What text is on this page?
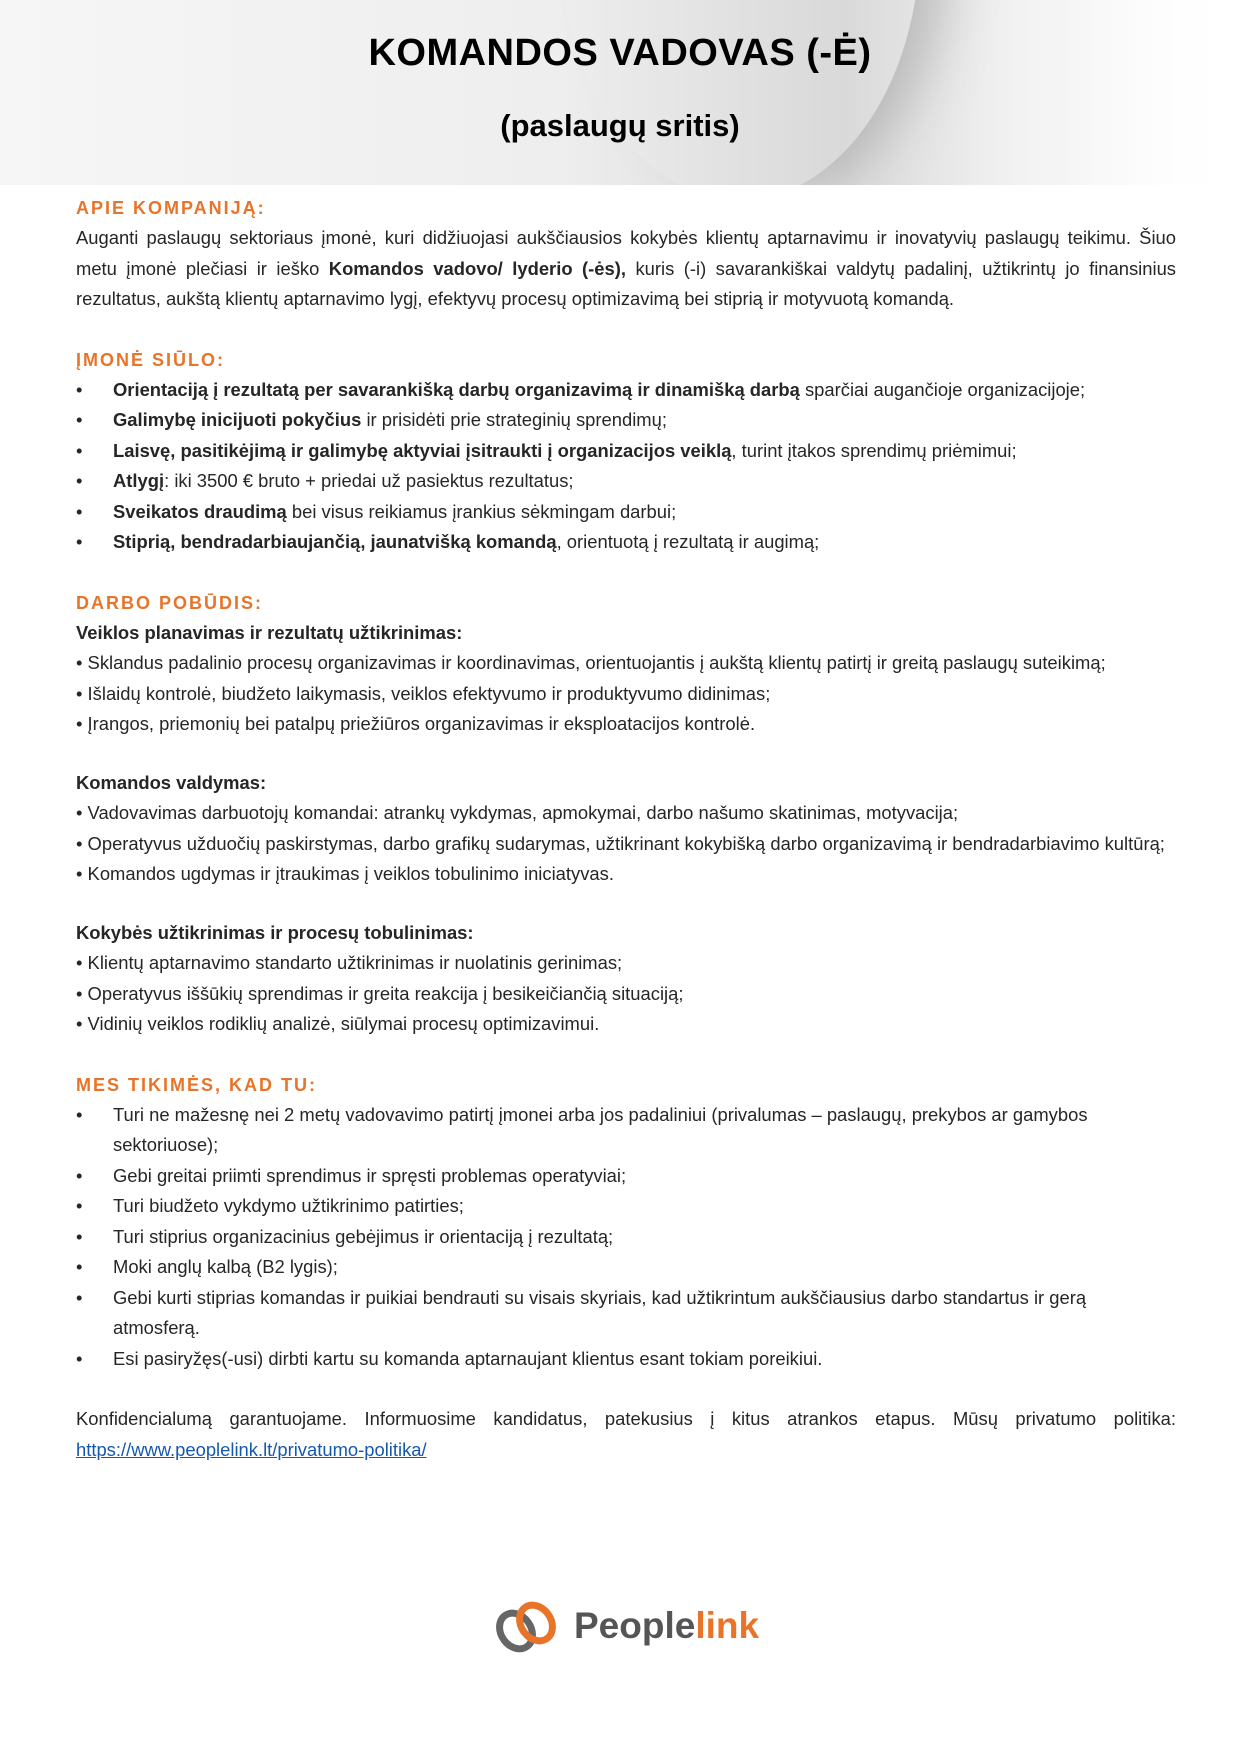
KOMANDOS VADOVAS (-Ė)
(paslaugų sritis)
APIE KOMPANIJĄ:

Auganti paslaugų sektoriaus įmonė, kuri didžiuojasi aukščiausios kokybės klientų aptarnavimu ir inovatyvių paslaugų teikimu. Šiuo metu įmonė plečiasi ir ieško Komandos vadovo/ lyderio (-ės), kuris (-i) savarankiškai valdytų padalinį, užtikrintų jo finansinius rezultatus, aukštą klientų aptarnavimo lygį, efektyvų procesų optimizavimą bei stiprią ir motyvuotą komandą.

ĮMONĖ SIŪLO:
• Orientaciją į rezultatą per savarankišką darbų organizavimą ir dinamišką darbą sparčiai augančioje organizacijoje;
• Galimybę inicijuoti pokyčius ir prisidėti prie strateginių sprendimų;
• Laisvę, pasitikėjimą ir galimybę aktyviai įsitraukti į organizacijos veiklą, turint įtakos sprendimų priėmimui;
• Atlygį: iki 3500 € bruto + priedai už pasiektus rezultatus;
• Sveikatos draudimą bei visus reikiamus įrankius sėkmingam darbui;
• Stiprią, bendradarbiaujančią, jaunatvišką komandą, orientuotą į rezultatą ir augimą;
DARBO POBŪDIS:

Veiklos planavimas ir rezultatų užtikrinimas:

• Sklandus padalinio procesų organizavimas ir koordinavimas, orientuojantis į aukštą klientų patirtį ir greitą paslaugų suteikimą;
• Išlaidų kontrolė, biudžeto laikymasis, veiklos efektyvumo ir produktyvumo didinimas;
• Įrangos, priemonių bei patalpų priežiūros organizavimas ir eksploatacijos kontrolė.

Komandos valdymas:

• Vadovavimas darbuotojų komandai: atrankų vykdymas, apmokymai, darbo našumo skatinimas, motyvacija;
• Operatyvus užduočių paskirstymas, darbo grafikų sudarymas, užtikrinant kokybišką darbo organizavimą ir bendradarbiavimo kultūrą;
• Komandos ugdymas ir įtraukimas į veiklos tobulinimo iniciatyvas.

Kokybės užtikrinimas ir procesų tobulinimas:

• Klientų aptarnavimo standarto užtikrinimas ir nuolatinis gerinimas;
• Operatyvus iššūkių sprendimas ir greita reakcija į besikeičiančią situaciją;
• Vidinių veiklos rodiklių analizė, siūlymai procesų optimizavimui.
MES TIKIMĖS, KAD TU:
• Turi ne mažesnę nei 2 metų vadovavimo patirtį įmonei arba jos padaliniui (privalumas – paslaugų, prekybos ar gamybos sektoriuose);
• Gebi greitai priimti sprendimus ir spręsti problemas operatyviai;
• Turi biudžeto vykdymo užtikrinimo patirties;
• Turi stiprius organizacinius gebėjimus ir orientaciją į rezultatą;
• Moki anglų kalbą (B2 lygis);
• Gebi kurti stiprias komandas ir puikiai bendrauti su visais skyriais, kad užtikrintum aukščiausius darbo standartus ir gerą atmosferą.
• Esi pasiryžęs(-usi) dirbti kartu su komanda aptarnaujant klientus esant tokiam poreikiui.

Konfidencialumą garantuojame. Informuosime kandidatus, patekusius į kitus atrankos etapus. Mūsų privatumo politika: https://www.peoplelink.lt/privatumo-politika/

Peoplelink
